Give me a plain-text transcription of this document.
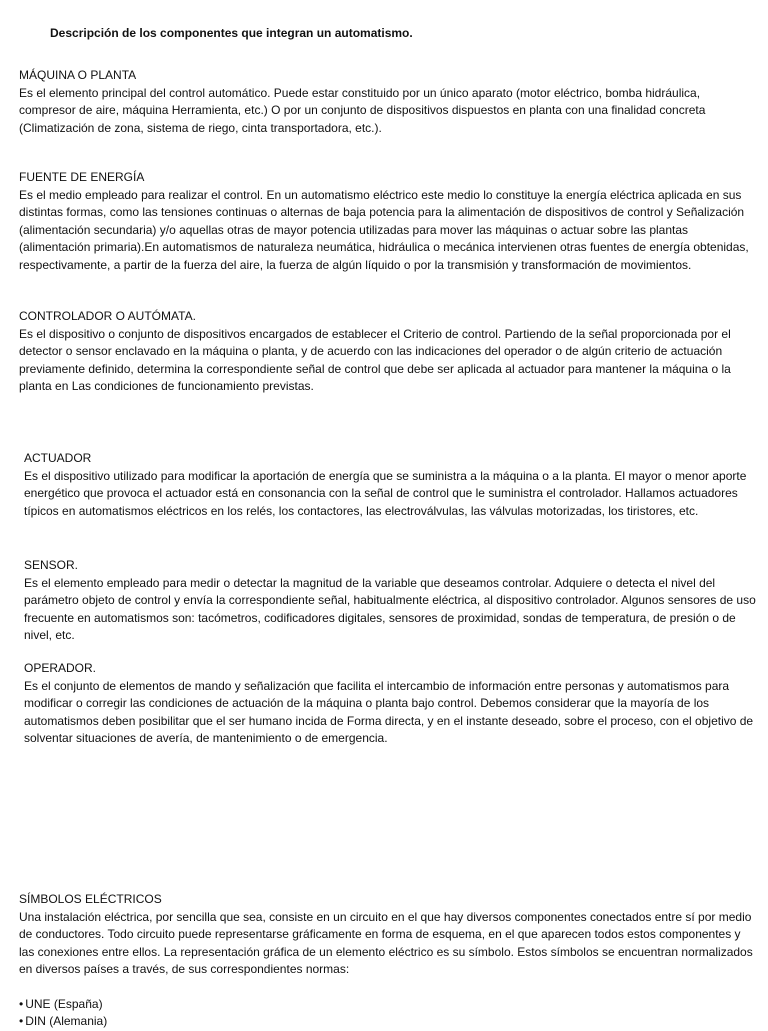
Descripción de los componentes que integran un automatismo.
MÁQUINA O PLANTA

Es el elemento principal del control automático. Puede estar constituido por un único aparato (motor eléctrico, bomba hidráulica, compresor de aire, máquina Herramienta, etc.) O por un conjunto de dispositivos dispuestos en planta con una finalidad concreta (Climatización de zona, sistema de riego, cinta transportadora, etc.).

FUENTE DE ENERGÍA

Es el medio empleado para realizar el control. En un automatismo eléctrico este medio lo constituye la energía eléctrica aplicada en sus distintas formas, como las tensiones continuas o alternas de baja potencia para la alimentación de dispositivos de control y Señalización (alimentación secundaria) y/o aquellas otras de mayor potencia utilizadas para mover las máquinas o actuar sobre las plantas (alimentación primaria).En automatismos de naturaleza neumática, hidráulica o mecánica intervienen otras fuentes de energía obtenidas, respectivamente, a partir de la fuerza del aire, la fuerza de algún líquido o por la transmisión y transformación de movimientos.

CONTROLADOR O AUTÓMATA.

Es el dispositivo o conjunto de dispositivos encargados de establecer el Criterio de control. Partiendo de la señal proporcionada por el detector o sensor enclavado en la máquina o planta, y de acuerdo con las indicaciones del operador o de algún criterio de actuación previamente definido, determina la correspondiente señal de control que debe ser aplicada al actuador para mantener la máquina o la planta en Las condiciones de funcionamiento previstas.

ACTUADOR

Es el dispositivo utilizado para modificar la aportación de energía que se suministra a la máquina o a la planta. El mayor o menor aporte energético que provoca el actuador está en consonancia con la señal de control que le suministra el controlador. Hallamos actuadores típicos en automatismos eléctricos en los relés, los contactores, las electroválvulas, las válvulas motorizadas, los tiristores, etc.

SENSOR.

Es el elemento empleado para medir o detectar la magnitud de la variable que deseamos controlar. Adquiere o detecta el nivel del parámetro objeto de control y envía la correspondiente señal, habitualmente eléctrica, al dispositivo controlador. Algunos sensores de uso frecuente en automatismos son: tacómetros, codificadores digitales, sensores de proximidad, sondas de temperatura, de presión o de nivel, etc.

OPERADOR.

Es el conjunto de elementos de mando y señalización que facilita el intercambio de información entre personas y automatismos para modificar o corregir las condiciones de actuación de la máquina o planta bajo control. Debemos considerar que la mayoría de los automatismos deben posibilitar que el ser humano incida de Forma directa, y en el instante deseado, sobre el proceso, con el objetivo de solventar situaciones de avería, de mantenimiento o de emergencia.

SÍMBOLOS ELÉCTRICOS

Una instalación eléctrica, por sencilla que sea, consiste en un circuito en el que hay diversos componentes conectados entre sí por medio de conductores. Todo circuito puede representarse gráficamente en forma de esquema, en el que aparecen todos estos componentes y las conexiones entre ellos. La representación gráfica de un elemento eléctrico es su símbolo. Estos símbolos se encuentran normalizados en diversos países a través, de sus correspondientes normas:

• UNE (España)
• DIN (Alemania)
